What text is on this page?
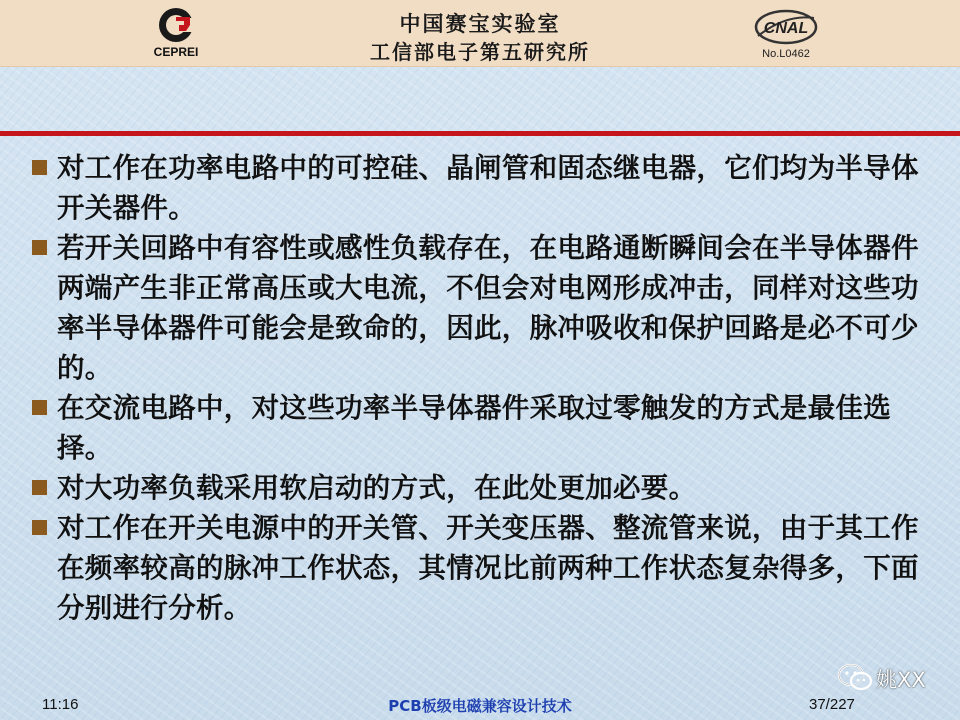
CEPREI
中国赛宝实验室
工信部电子第五研究所
CNAL
No.L0462
对工作在功率电路中的可控硅、晶闸管和固态继电器，它们均为半导体开关器件。
若开关回路中有容性或感性负载存在，在电路通断瞬间会在半导体器件两端产生非正常高压或大电流，不但会对电网形成冲击，同样对这些功率半导体器件可能会是致命的，因此，脉冲吸收和保护回路是必不可少的。
在交流电路中，对这些功率半导体器件采取过零触发的方式是最佳选择。
对大功率负载采用软启动的方式，在此处更加必要。
对工作在开关电源中的开关管、开关变压器、整流管来说，由于其工作在频率较高的脉冲工作状态，其情况比前两种工作状态复杂得多，下面分别进行分析。
姚XX
11:16	PCB板级电磁兼容设计技术	37/227
